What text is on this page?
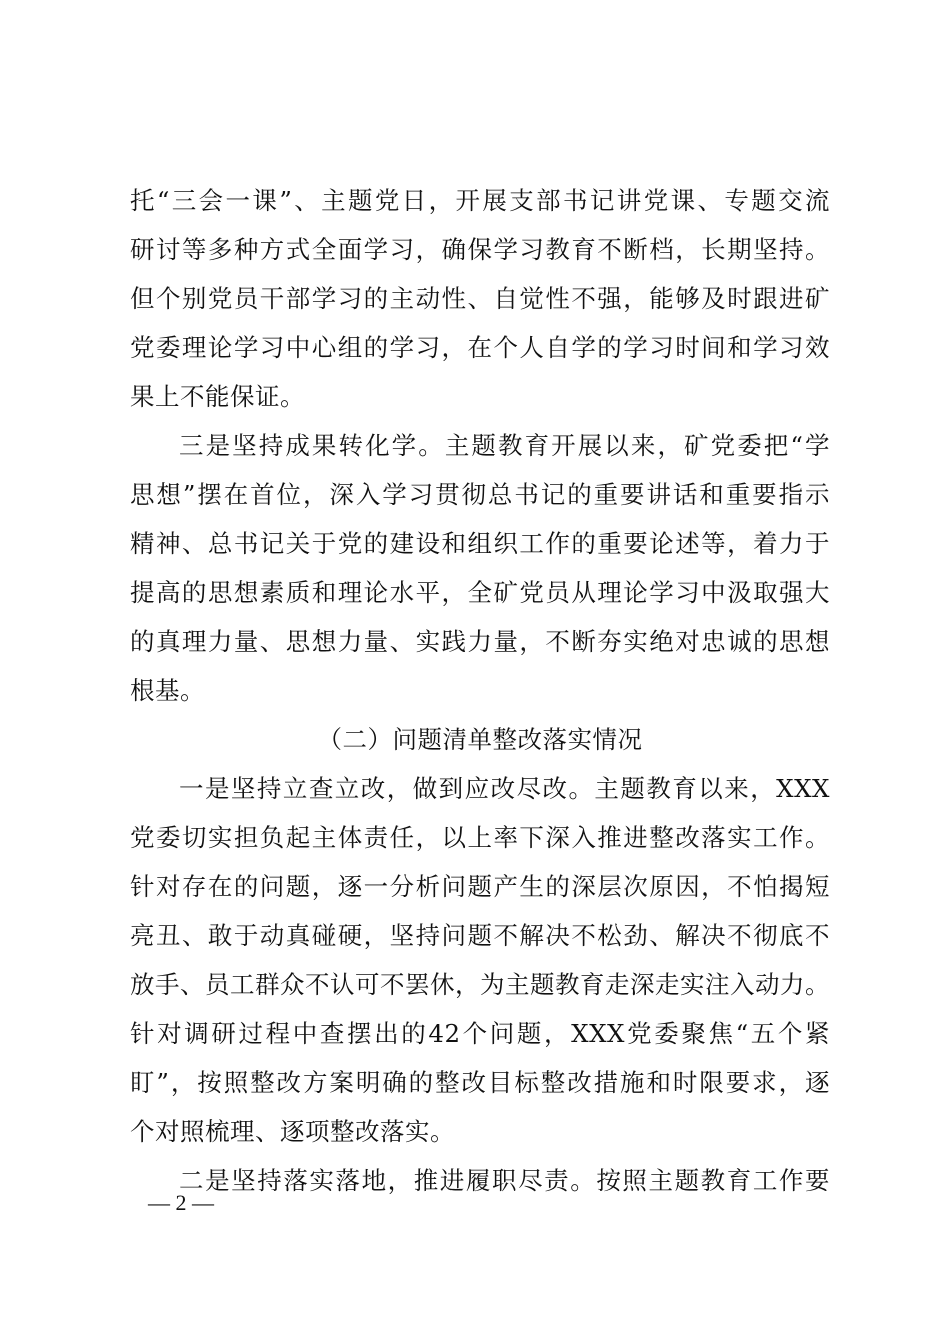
托“三会一课”、主题党日，开展支部书记讲党课、专题交流
研讨等多种方式全面学习，确保学习教育不断档，长期坚持。
但个别党员干部学习的主动性、自觉性不强，能够及时跟进矿
党委理论学习中心组的学习，在个人自学的学习时间和学习效
果上不能保证。
三是坚持成果转化学。主题教育开展以来，矿党委把“学
思想”摆在首位，深入学习贯彻总书记的重要讲话和重要指示
精神、总书记关于党的建设和组织工作的重要论述等，着力于
提高的思想素质和理论水平，全矿党员从理论学习中汲取强大
的真理力量、思想力量、实践力量，不断夯实绝对忠诚的思想
根基。
（二）问题清单整改落实情况
一是坚持立查立改，做到应改尽改。主题教育以来，XXX
党委切实担负起主体责任，以上率下深入推进整改落实工作。
针对存在的问题，逐一分析问题产生的深层次原因，不怕揭短
亮丑、敢于动真碰硬，坚持问题不解决不松劲、解决不彻底不
放手、员工群众不认可不罢休，为主题教育走深走实注入动力。
针对调研过程中查摆出的42个问题，XXX党委聚焦“五个紧
盯”，按照整改方案明确的整改目标整改措施和时限要求，逐
个对照梳理、逐项整改落实。
二是坚持落实落地，推进履职尽责。按照主题教育工作要
— 2 —
